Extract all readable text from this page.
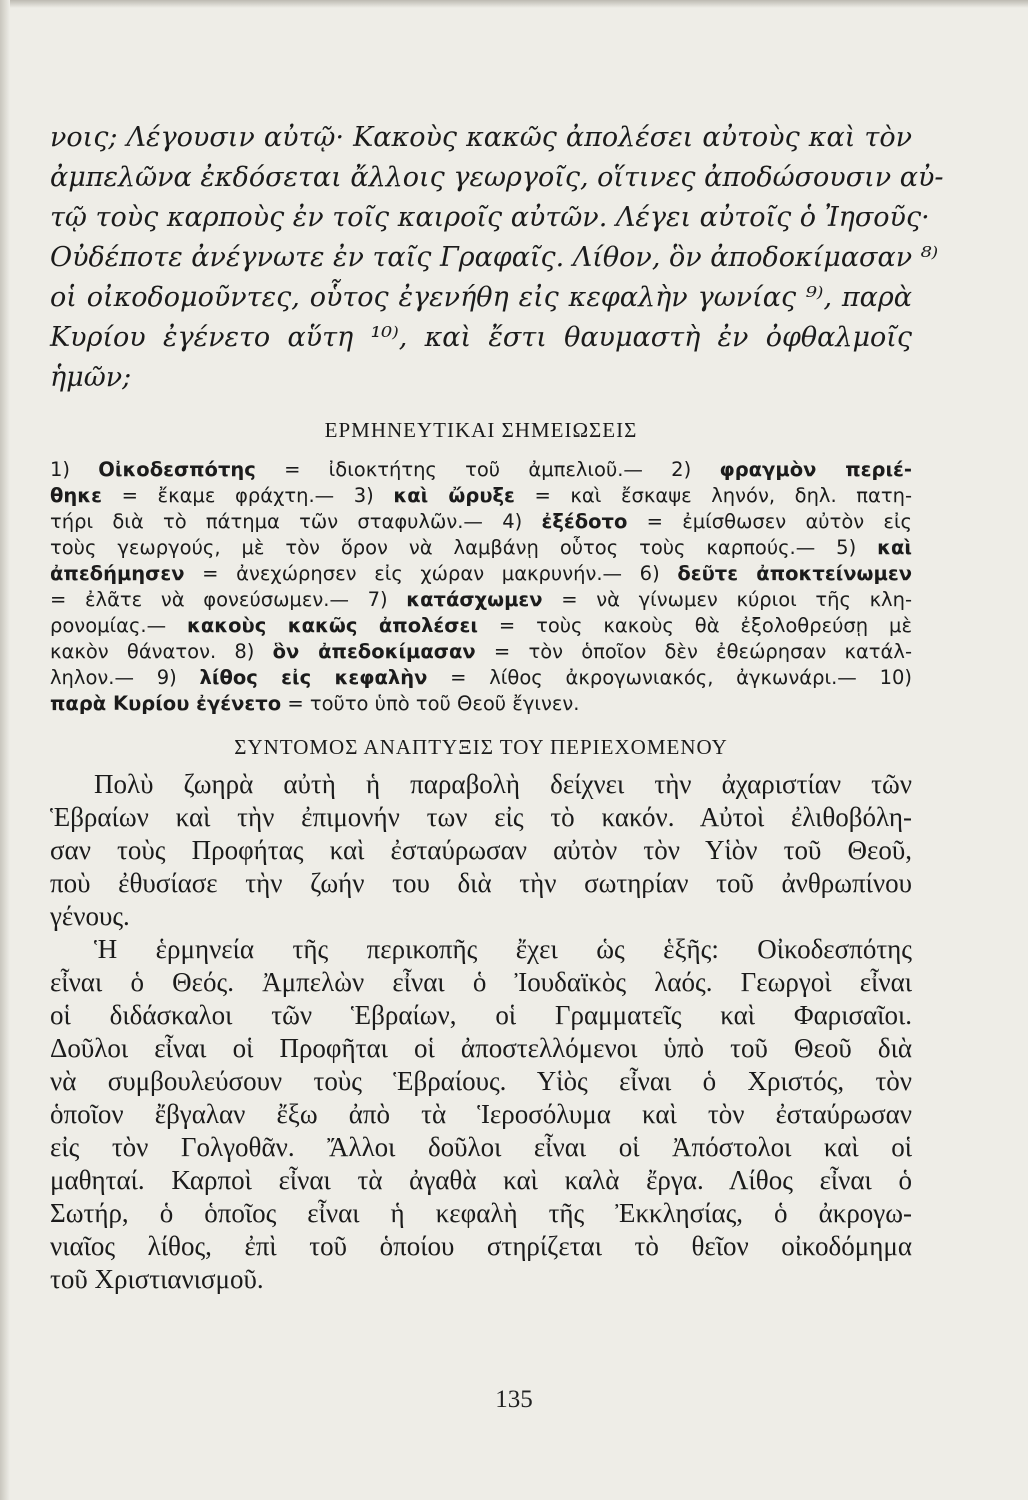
νοις; Λέγουσιν αὐτῷ· Κακοὺς κακῶς ἀπολέσει αὐτοὺς καὶ τὸν
ἀμπελῶνα ἐκδόσεται ἄλλοις γεωργοῖς, οἵτινες ἀποδώσουσιν αὐ-
τῷ τοὺς καρποὺς ἐν τοῖς καιροῖς αὐτῶν. Λέγει αὐτοῖς ὁ Ἰησοῦς·
Οὐδέποτε ἀνέγνωτε ἐν ταῖς Γραφαῖς. Λίθον, ὃν ἀποδοκίμασαν ⁸⁾
οἱ οἰκοδομοῦντες, οὗτος ἐγενήθη εἰς κεφαλὴν γωνίας ⁹⁾, παρὰ
Κυρίου ἐγένετο αὕτη ¹⁰⁾, καὶ ἔστι θαυμαστὴ ἐν ὀφθαλμοῖς
ἡμῶν;
ΕΡΜΗΝΕΥΤΙΚΑΙ ΣΗΜΕΙΩΣΕΙΣ
1) Οἰκοδεσπότης = ἰδιοκτήτης τοῦ ἀμπελιοῦ.— 2) φραγμὸν περιέ-
θηκε = ἔκαμε φράχτη.— 3) καὶ ὤρυξε = καὶ ἔσκαψε ληνόν, δηλ. πατη-
τήρι διὰ τὸ πάτημα τῶν σταφυλῶν.— 4) ἐξέδοτο = ἐμίσθωσεν αὐτὸν εἰς
τοὺς γεωργούς, μὲ τὸν ὅρον νὰ λαμβάνῃ οὗτος τοὺς καρπούς.— 5) καὶ
ἀπεδήμησεν = ἀνεχώρησεν εἰς χώραν μακρυνήν.— 6) δεῦτε ἀποκτείνωμεν
= ἐλᾶτε νὰ φονεύσωμεν.— 7) κατάσχωμεν = νὰ γίνωμεν κύριοι τῆς κλη-
ρονομίας.— κακοὺς κακῶς ἀπολέσει = τοὺς κακοὺς θὰ ἐξολοθρεύσῃ μὲ
κακὸν θάνατον. 8) ὃν ἀπεδοκίμασαν = τὸν ὁποῖον δὲν ἐθεώρησαν κατάλ-
ληλον.— 9) λίθος εἰς κεφαλὴν = λίθος ἀκρογωνιακός, ἀγκωνάρι.— 10)
παρὰ Κυρίου ἐγένετο = τοῦτο ὑπὸ τοῦ Θεοῦ ἔγινεν.
ΣΥΝΤΟΜΟΣ ΑΝΑΠΤΥΞΙΣ ΤΟΥ ΠΕΡΙΕΧΟΜΕΝΟΥ
Πολὺ ζωηρὰ αὐτὴ ἡ παραβολὴ δείχνει τὴν ἀχαριστίαν τῶν
Ἑβραίων καὶ τὴν ἐπιμονήν των εἰς τὸ κακόν. Αὐτοὶ ἐλιθοβόλη-
σαν τοὺς Προφήτας καὶ ἐσταύρωσαν αὐτὸν τὸν Υἱὸν τοῦ Θεοῦ,
ποὺ ἐθυσίασε τὴν ζωήν του διὰ τὴν σωτηρίαν τοῦ ἀνθρωπίνου
γένους.
Ἡ ἑρμηνεία τῆς περικοπῆς ἔχει ὡς ἑξῆς: Οἰκοδεσπότης
εἶναι ὁ Θεός. Ἀμπελὼν εἶναι ὁ Ἰουδαϊκὸς λαός. Γεωργοὶ εἶναι
οἱ διδάσκαλοι τῶν Ἑβραίων, οἱ Γραμματεῖς καὶ Φαρισαῖοι.
Δοῦλοι εἶναι οἱ Προφῆται οἱ ἀποστελλόμενοι ὑπὸ τοῦ Θεοῦ διὰ
νὰ συμβουλεύσουν τοὺς Ἑβραίους. Υἱὸς εἶναι ὁ Χριστός, τὸν
ὁποῖον ἔβγαλαν ἔξω ἀπὸ τὰ Ἱεροσόλυμα καὶ τὸν ἐσταύρωσαν
εἰς τὸν Γολγοθᾶν. Ἄλλοι δοῦλοι εἶναι οἱ Ἀπόστολοι καὶ οἱ
μαθηταί. Καρποὶ εἶναι τὰ ἀγαθὰ καὶ καλὰ ἔργα. Λίθος εἶναι ὁ
Σωτήρ, ὁ ὁποῖος εἶναι ἡ κεφαλὴ τῆς Ἐκκλησίας, ὁ ἀκρογω-
νιαῖος λίθος, ἐπὶ τοῦ ὁποίου στηρίζεται τὸ θεῖον οἰκοδόμημα
τοῦ Χριστιανισμοῦ.
135
